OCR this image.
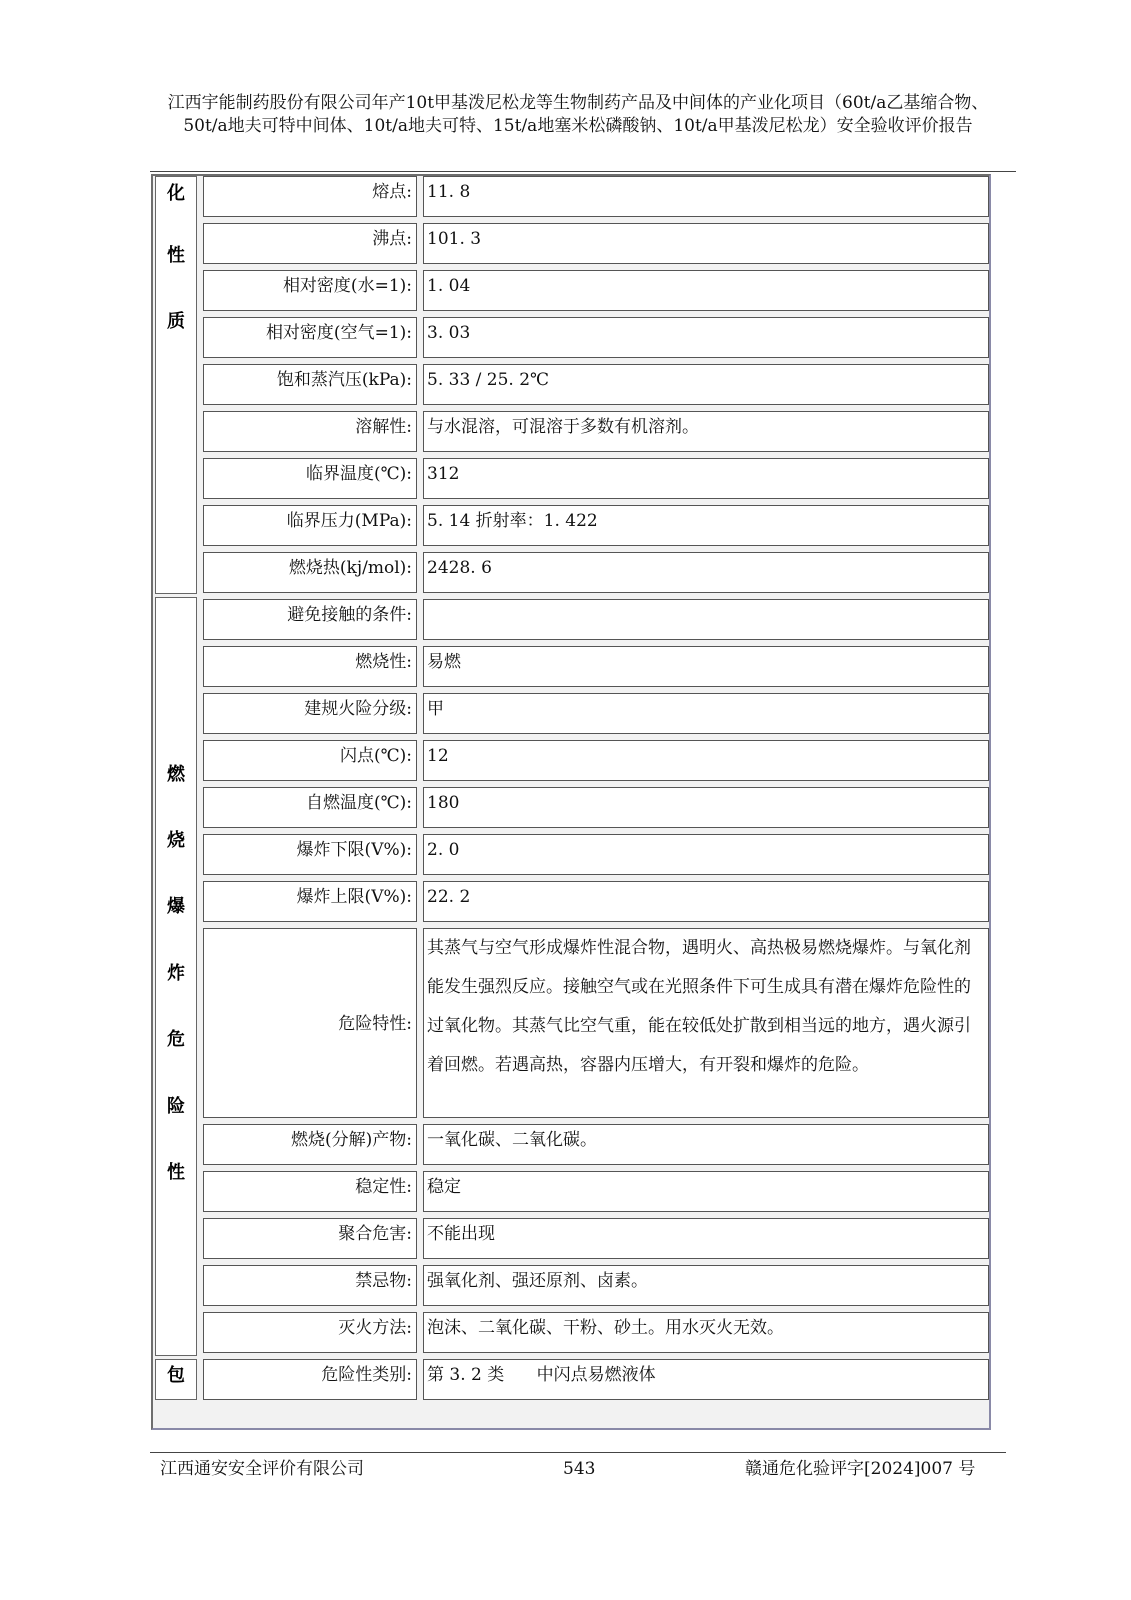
江西宇能制药股份有限公司年产10t甲基泼尼松龙等生物制药产品及中间体的产业化项目（60t/a乙基缩合物、50t/a地夫可特中间体、10t/a地夫可特、15t/a地塞米松磷酸钠、10t/a甲基泼尼松龙）安全验收评价报告
化
性
质
燃
烧
爆
炸
危
险
性
包
熔点: 11. 8
沸点: 101. 3
相对密度(水=1): 1. 04
相对密度(空气=1): 3. 03
饱和蒸汽压(kPa): 5. 33 / 25. 2℃
溶解性: 与水混溶，可混溶于多数有机溶剂。
临界温度(℃): 312
临界压力(MPa): 5. 14 折射率：1. 422
燃烧热(kj/mol): 2428. 6
避免接触的条件:
燃烧性: 易燃
建规火险分级: 甲
闪点(℃): 12
自燃温度(℃): 180
爆炸下限(V%): 2. 0
爆炸上限(V%): 22. 2
危险特性:
其蒸气与空气形成爆炸性混合物，遇明火、高热极易燃烧爆炸。与氧化剂能发生强烈反应。接触空气或在光照条件下可生成具有潜在爆炸危险性的过氧化物。其蒸气比空气重，能在较低处扩散到相当远的地方，遇火源引着回燃。若遇高热，容器内压增大，有开裂和爆炸的危险。
燃烧(分解)产物: 一氧化碳、二氧化碳。
稳定性: 稳定
聚合危害: 不能出现
禁忌物: 强氧化剂、强还原剂、卤素。
灭火方法: 泡沫、二氧化碳、干粉、砂土。用水灭火无效。
危险性类别: 第 3. 2 类      中闪点易燃液体
江西通安安全评价有限公司	543	赣通危化验评字[2024]007 号
